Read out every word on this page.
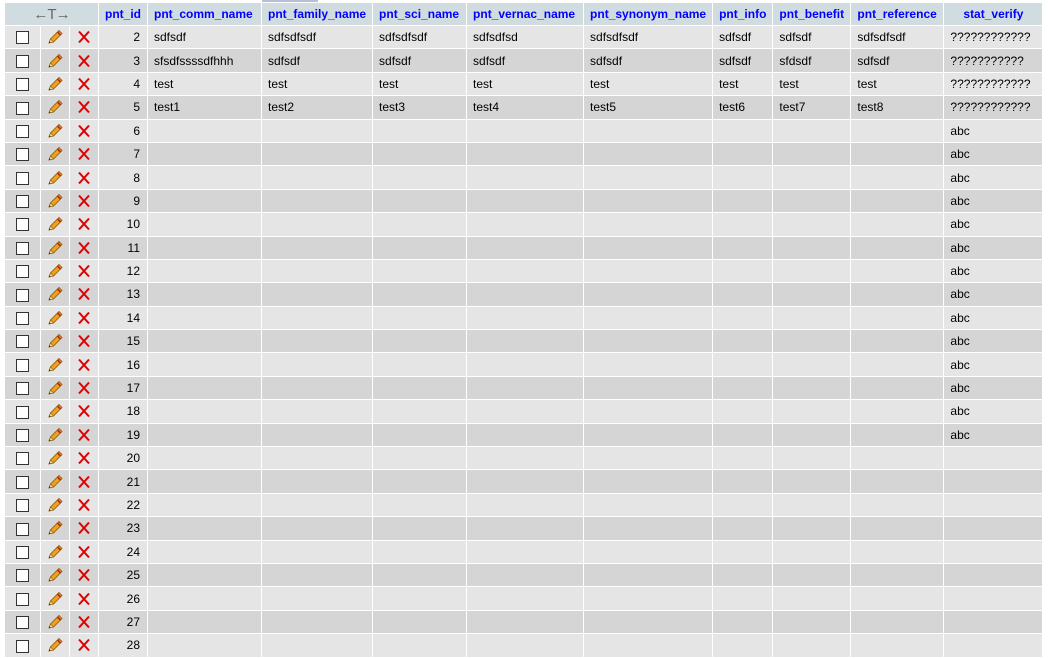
←T→			pnt_id	pnt_comm_name	pnt_family_name	pnt_sci_name	pnt_vernac_name	pnt_synonym_name	pnt_info	pnt_benefit	pnt_reference	stat_verify
			2	sdfsdf	sdfsdfsdf	sdfsdfsdf	sdfsdfsd	sdfsdfsdf	sdfsdf	sdfsdf	sdfsdfsdf	????????????
			3	sfsdfssssdfhhh	sdfsdf	sdfsdf	sdfsdf	sdfsdf	sdfsdf	sfdsdf	sdfsdf	???????????
			4	test	test	test	test	test	test	test	test	????????????
			5	test1	test2	test3	test4	test5	test6	test7	test8	????????????
			6									abc
			7									abc
			8									abc
			9									abc
			10									abc
			11									abc
			12									abc
			13									abc
			14									abc
			15									abc
			16									abc
			17									abc
			18									abc
			19									abc
			20									
			21									
			22									
			23									
			24									
			25									
			26									
			27									
			28									
